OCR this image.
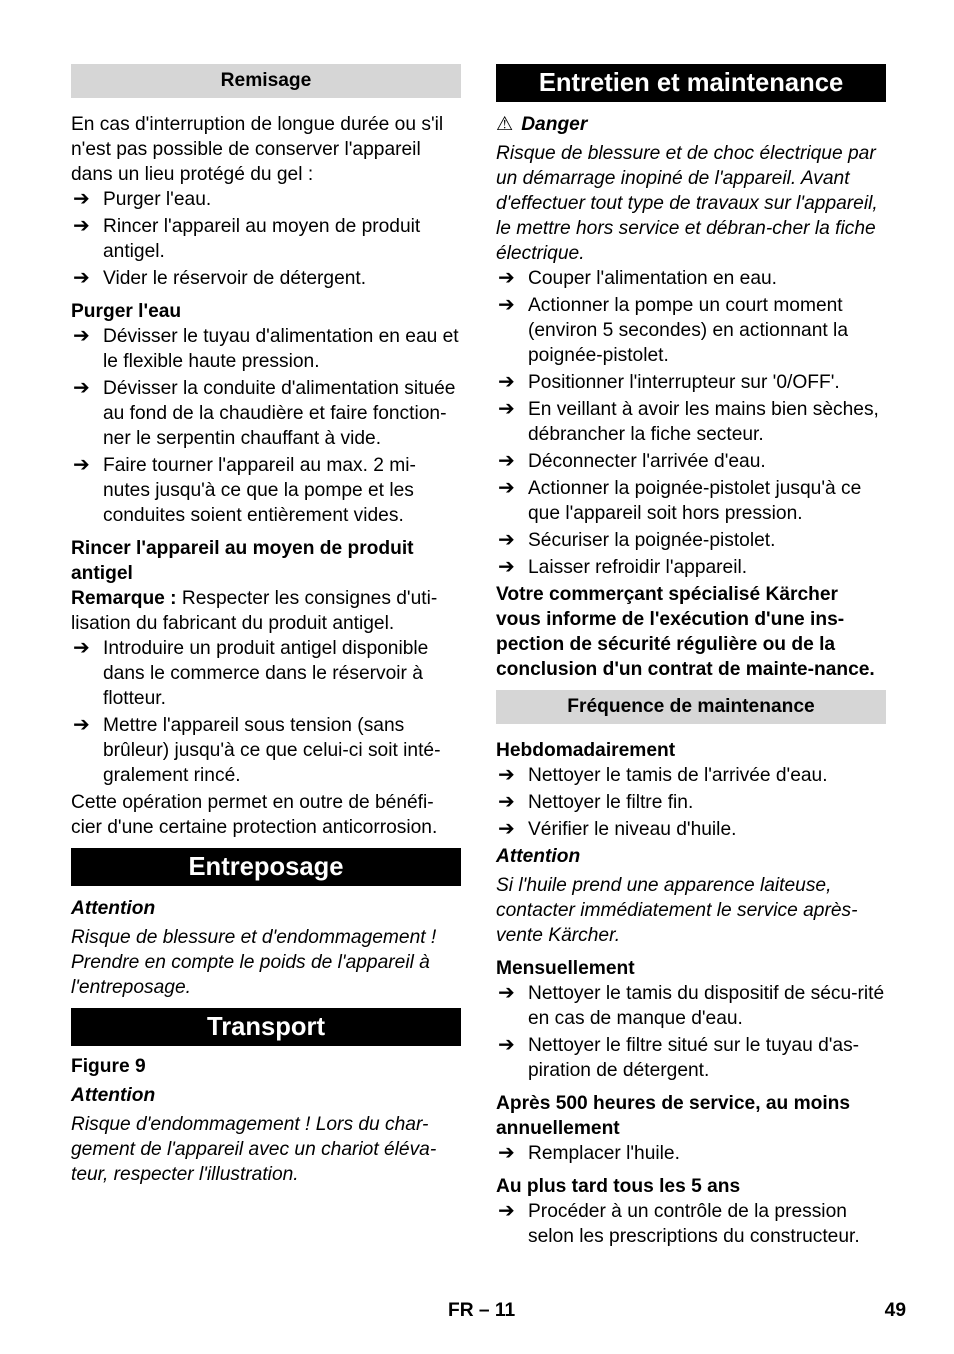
Remisage

En cas d'interruption de longue durée ou s'il n'est pas possible de conserver l'appareil dans un lieu protégé du gel :

➔ Purger l'eau.
➔ Rincer l'appareil au moyen de produit antigel.
➔ Vider le réservoir de détergent.

Purger l'eau

➔ Dévisser le tuyau d'alimentation en eau et le flexible haute pression.
➔ Dévisser la conduite d'alimentation située au fond de la chaudière et faire fonction-ner le serpentin chauffant à vide.
➔ Faire tourner l'appareil au max. 2 mi-nutes jusqu'à ce que la pompe et les conduites soient entièrement vides.

Rincer l'appareil au moyen de produit antigel

Remarque : Respecter les consignes d'uti-lisation du fabricant du produit antigel.

➔ Introduire un produit antigel disponible dans le commerce dans le réservoir à flotteur.
➔ Mettre l'appareil sous tension (sans brûleur) jusqu'à ce que celui-ci soit inté-gralement rincé.

Cette opération permet en outre de bénéfi-cier d'une certaine protection anticorrosion.

Entreposage

Attention

Risque de blessure et d'endommagement ! Prendre en compte le poids de l'appareil à l'entreposage.

Transport

Figure 9

Attention

Risque d'endommagement ! Lors du char-gement de l'appareil avec un chariot éléva-teur, respecter l'illustration.

Entretien et maintenance

⚠ Danger

Risque de blessure et de choc électrique par un démarrage inopiné de l'appareil. Avant d'effectuer tout type de travaux sur l'appareil, le mettre hors service et débran-cher la fiche électrique.

➔ Couper l'alimentation en eau.
➔ Actionner la pompe un court moment (environ 5 secondes) en actionnant la poignée-pistolet.
➔ Positionner l'interrupteur sur '0/OFF'.
➔ En veillant à avoir les mains bien sèches, débrancher la fiche secteur.
➔ Déconnecter l'arrivée d'eau.
➔ Actionner la poignée-pistolet jusqu'à ce que l'appareil soit hors pression.
➔ Sécuriser la poignée-pistolet.
➔ Laisser refroidir l'appareil.

Votre commerçant spécialisé Kärcher vous informe de l'exécution d'une ins-pection de sécurité régulière ou de la conclusion d'un contrat de mainte-nance.

Fréquence de maintenance

Hebdomadairement

➔ Nettoyer le tamis de l'arrivée d'eau.
➔ Nettoyer le filtre fin.
➔ Vérifier le niveau d'huile.

Attention

Si l'huile prend une apparence laiteuse, contacter immédiatement le service après-vente Kärcher.

Mensuellement

➔ Nettoyer le tamis du dispositif de sécu-rité en cas de manque d'eau.
➔ Nettoyer le filtre situé sur le tuyau d'as-piration de détergent.

Après 500 heures de service, au moins annuellement

➔ Remplacer l'huile.

Au plus tard tous les 5 ans

➔ Procéder à un contrôle de la pression selon les prescriptions du constructeur.
FR – 11	49
